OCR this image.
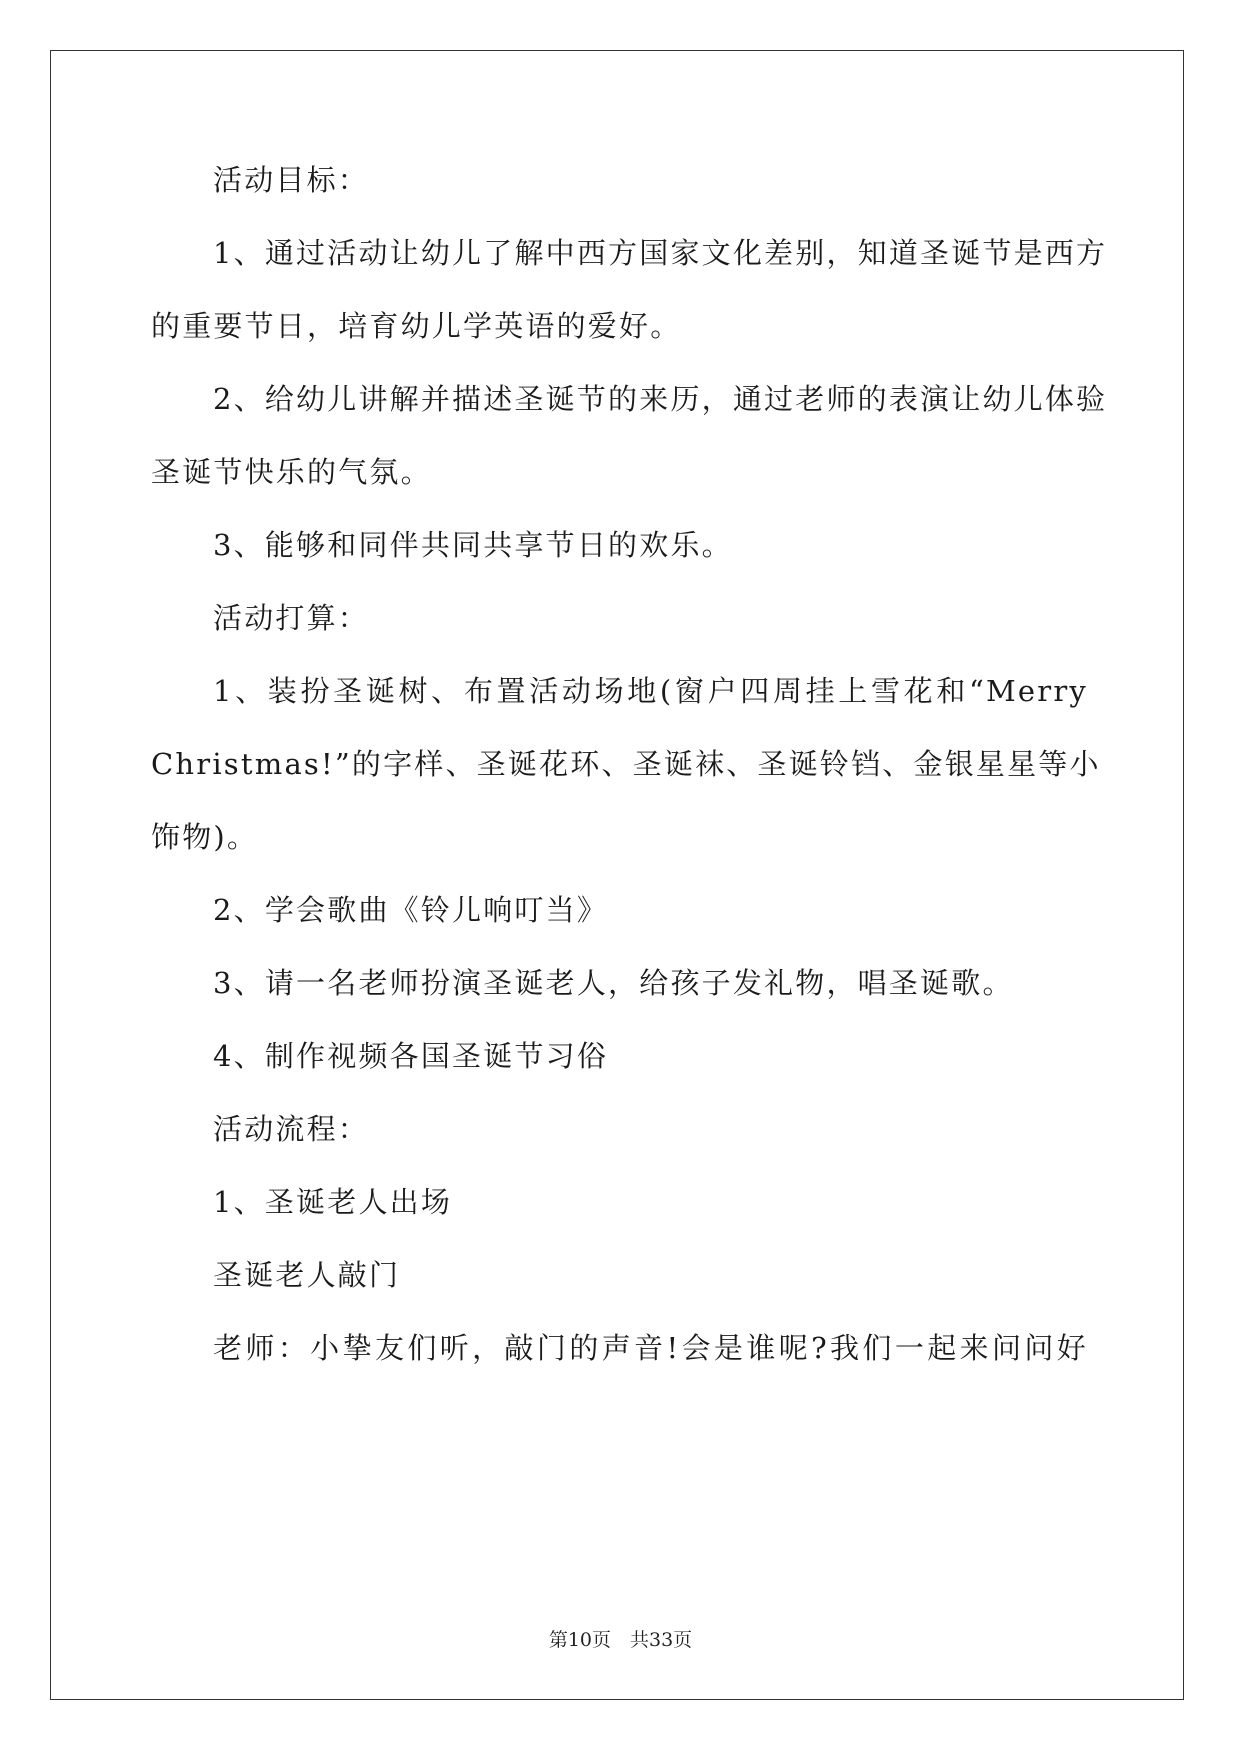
活动目标：
1、通过活动让幼儿了解中西方国家文化差别，知道圣诞节是西方
的重要节日，培育幼儿学英语的爱好。
2、给幼儿讲解并描述圣诞节的来历，通过老师的表演让幼儿体验
圣诞节快乐的气氛。
3、能够和同伴共同共享节日的欢乐。
活动打算：
1、装扮圣诞树、布置活动场地(窗户四周挂上雪花和“Merry
Christmas!”的字样、圣诞花环、圣诞袜、圣诞铃铛、金银星星等小
饰物)。
2、学会歌曲《铃儿响叮当》
3、请一名老师扮演圣诞老人，给孩子发礼物，唱圣诞歌。
4、制作视频各国圣诞节习俗
活动流程：
1、圣诞老人出场
圣诞老人敲门
老师：小挚友们听，敲门的声音!会是谁呢?我们一起来问问好
第10页　共33页
